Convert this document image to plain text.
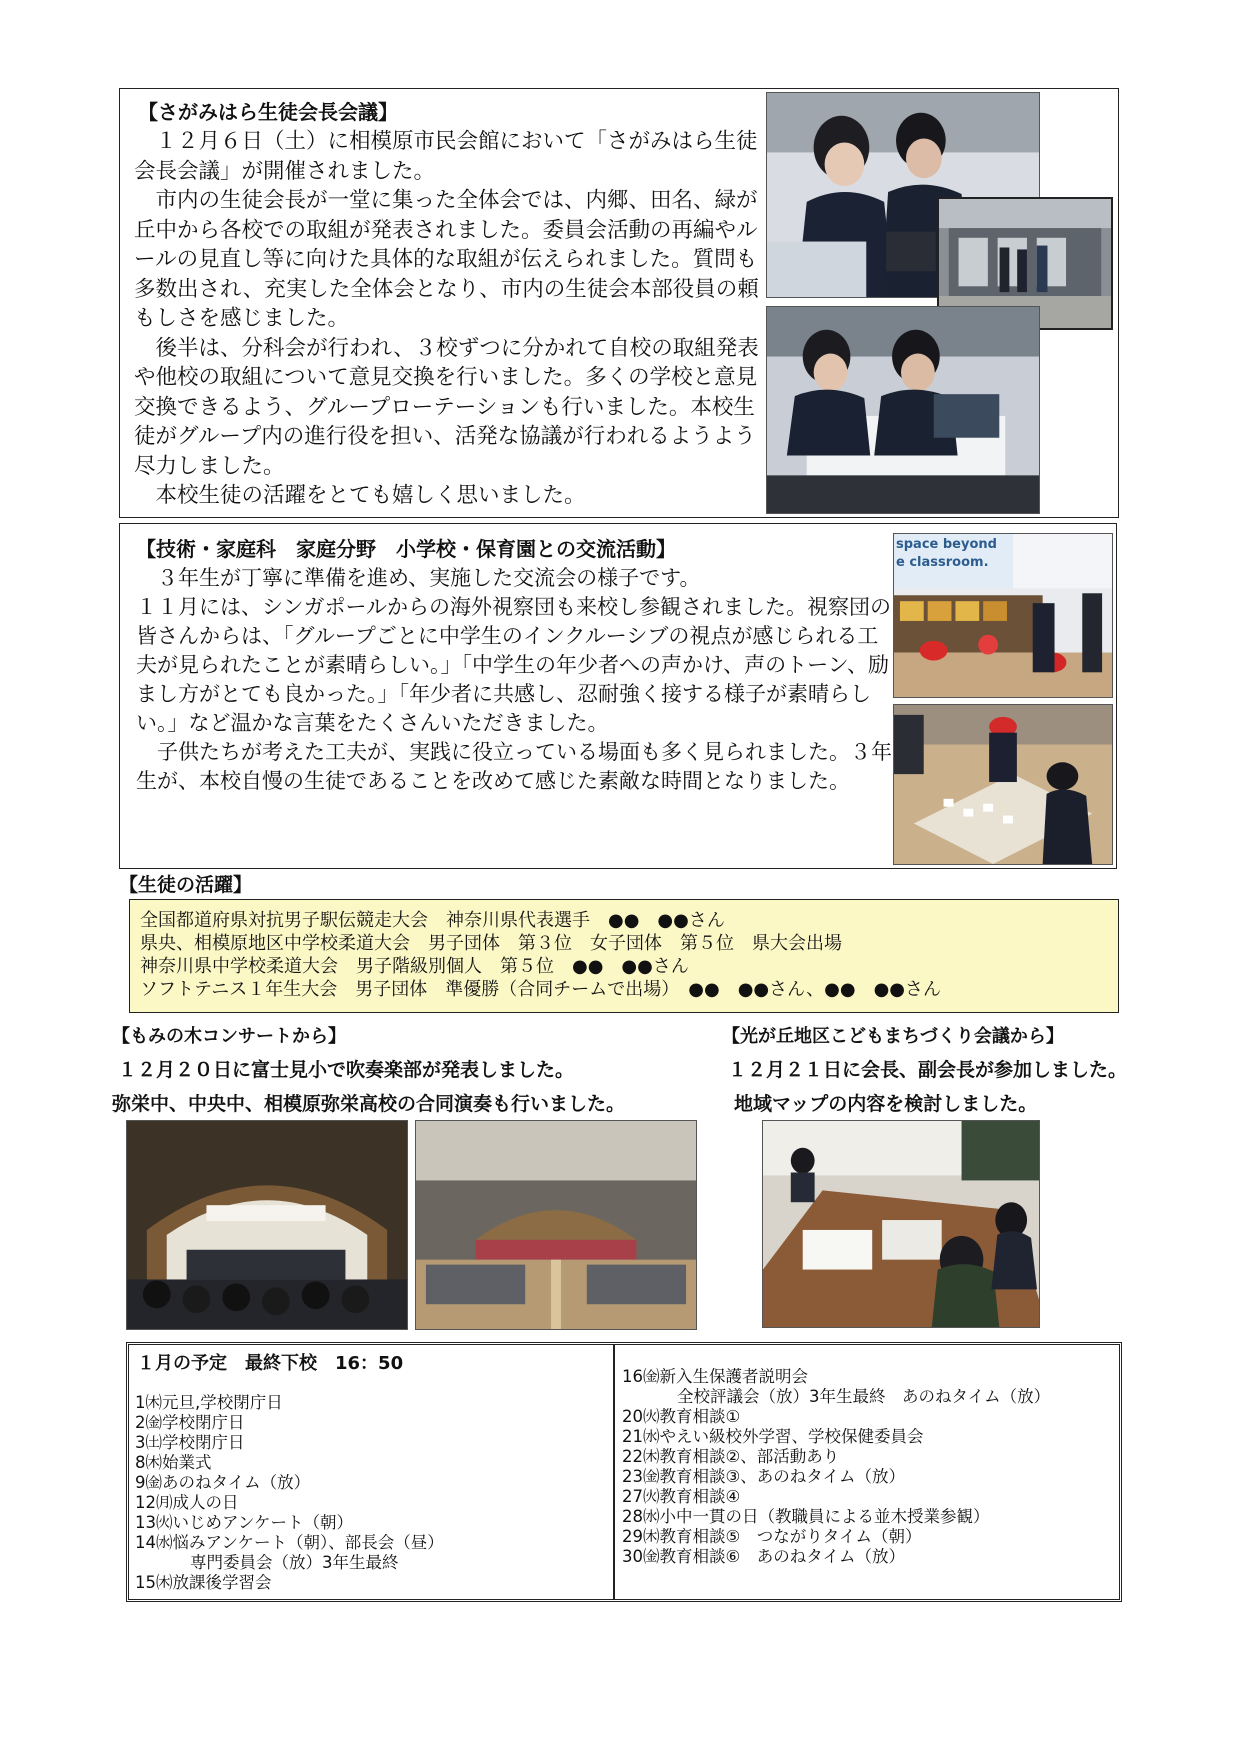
【さがみはら生徒会長会議】

１２月６日（土）に相模原市民会館において「さがみはら生徒会長会議」が開催されました。

市内の生徒会長が一堂に集った全体会では、内郷、田名、緑が丘中から各校での取組が発表されました。委員会活動の再編やルールの見直し等に向けた具体的な取組が伝えられました。質問も多数出され、充実した全体会となり、市内の生徒会本部役員の頼もしさを感じました。

後半は、分科会が行われ、３校ずつに分かれて自校の取組発表や他校の取組について意見交換を行いました。多くの学校と意見交換できるよう、グループローテーションも行いました。本校生徒がグループ内の進行役を担い、活発な協議が行われるようよう尽力しました。

本校生徒の活躍をとても嬉しく思いました。

【技術・家庭科　家庭分野　小学校・保育園との交流活動】

３年生が丁寧に準備を進め、実施した交流会の様子です。

１１月には、シンガポールからの海外視察団も来校し参観されました。視察団の皆さんからは、「グループごとに中学生のインクルーシブの視点が感じられる工夫が見られたことが素晴らしい。」「中学生の年少者への声かけ、声のトーン、励まし方がとても良かった。」「年少者に共感し、忍耐強く接する様子が素晴らしい。」など温かな言葉をたくさんいただきました。

子供たちが考えた工夫が、実践に役立っている場面も多く見られました。３年生が、本校自慢の生徒であることを改めて感じた素敵な時間となりました。

space beyond
e classroom.
【生徒の活躍】
全国都道府県対抗男子駅伝競走大会　神奈川県代表選手　●●　●●さん
県央、相模原地区中学校柔道大会　男子団体　第３位　女子団体　第５位　県大会出場
神奈川県中学校柔道大会　男子階級別個人　第５位　●●　●●さん
ソフトテニス１年生大会　男子団体　準優勝（合同チームで出場）　●●　●●さん、●●　●●さん
【もみの木コンサートから】
１２月２０日に富士見小で吹奏楽部が発表しました。
弥栄中、中央中、相模原弥栄高校の合同演奏も行いました。
【光が丘地区こどもまちづくり会議から】
１２月２１日に会長、副会長が参加しました。
地域マップの内容を検討しました。
１月の予定　最終下校　16：50
1㈭元旦,学校閉庁日
2㈮学校閉庁日
3㈯学校閉庁日
8㈭始業式
9㈮あのねタイム（放）
12㈪成人の日
13㈫いじめアンケート（朝）
14㈬悩みアンケート（朝）、部長会（昼）
専門委員会（放）3年生最終
15㈭放課後学習会
16㈮新入生保護者説明会
全校評議会（放）3年生最終　あのねタイム（放）
20㈫教育相談①
21㈬やえい級校外学習、学校保健委員会
22㈭教育相談②、部活動あり
23㈮教育相談③、あのねタイム（放）
27㈫教育相談④
28㈬小中一貫の日（教職員による並木授業参観）
29㈭教育相談⑤　つながりタイム（朝）
30㈮教育相談⑥　あのねタイム（放）
